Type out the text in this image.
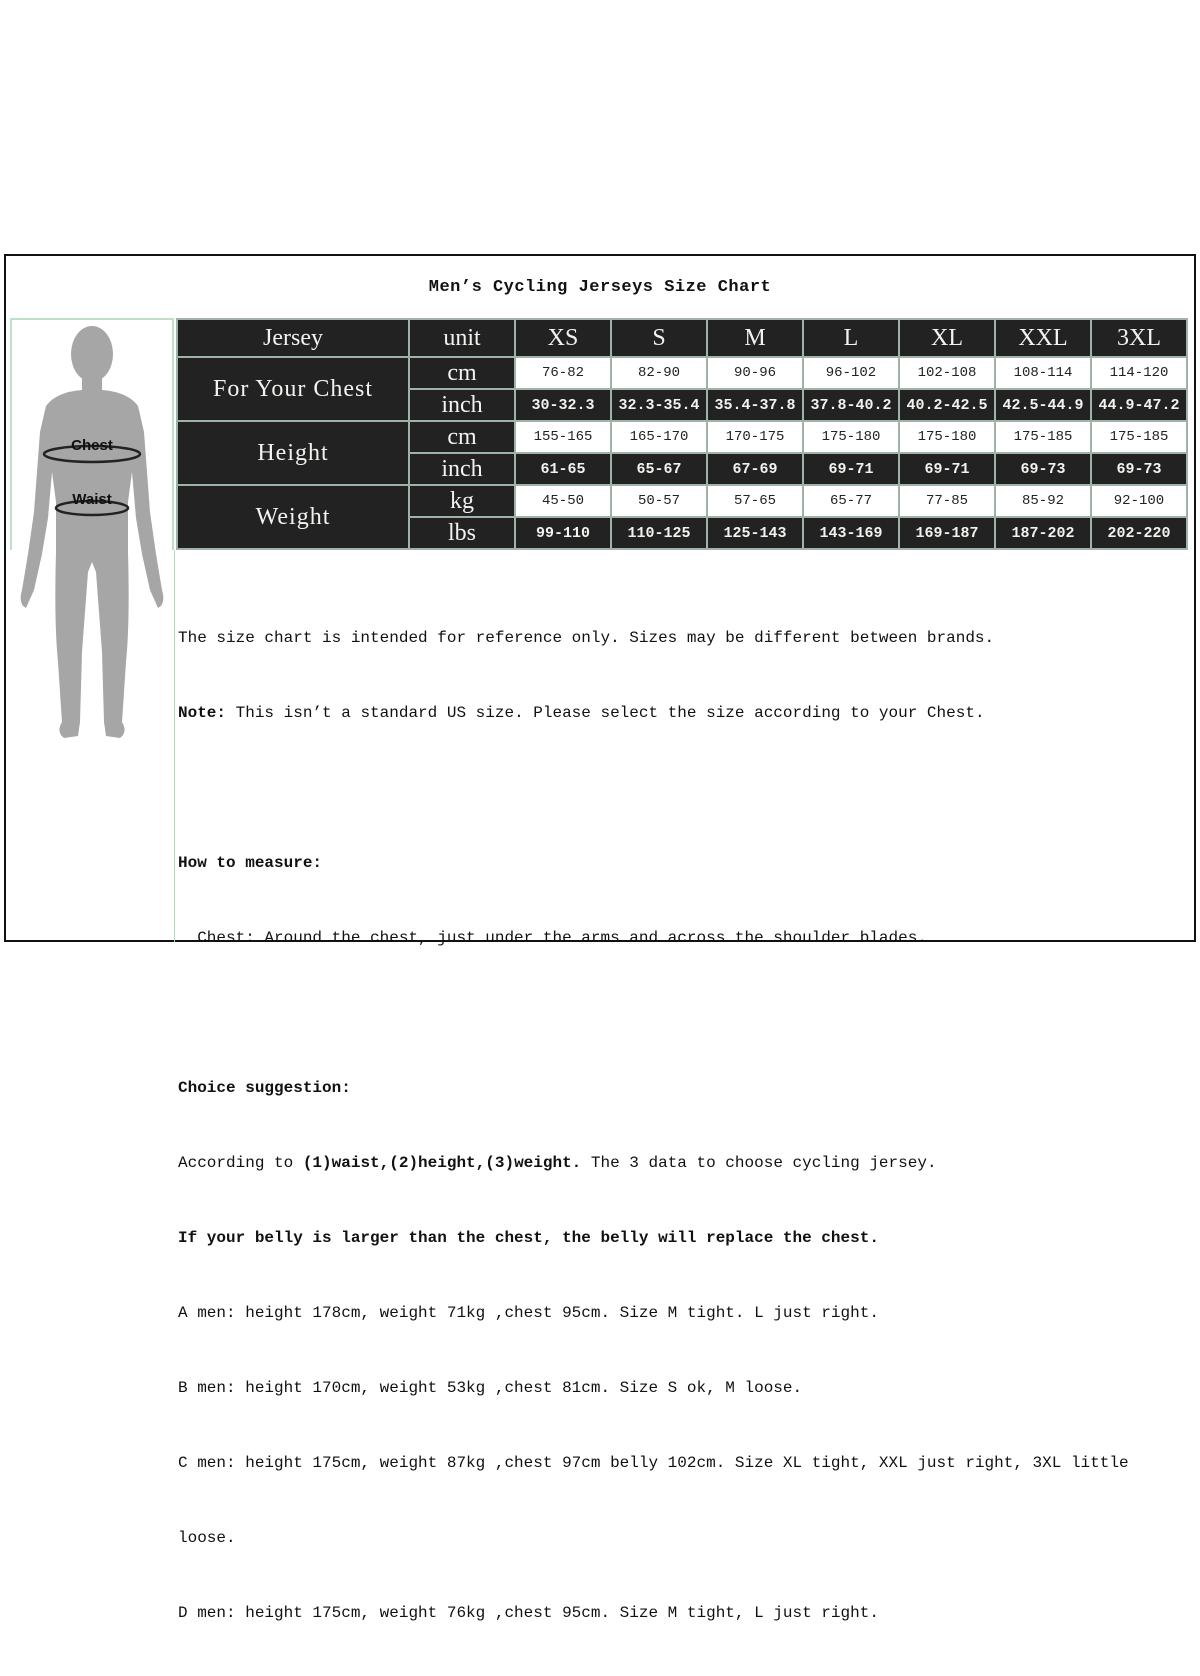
Men’s Cycling Jerseys Size Chart
Chest
Waist
Jersey	unit	XS	S	M	L	XL	XXL	3XL
For Your Chest	cm	76-82	82-90	90-96	96-102	102-108	108-114	114-120
	inch	30-32.3	32.3-35.4	35.4-37.8	37.8-40.2	40.2-42.5	42.5-44.9	44.9-47.2
Height	cm	155-165	165-170	170-175	175-180	175-180	175-185	175-185
	inch	61-65	65-67	67-69	69-71	69-71	69-73	69-73
Weight	kg	45-50	50-57	57-65	65-77	77-85	85-92	92-100
	lbs	99-110	110-125	125-143	143-169	169-187	187-202	202-220

The size chart is intended for reference only. Sizes may be different between brands.

Note: This isn’t a standard US size. Please select the size according to your Chest.

How to measure:

Chest: Around the chest, just under the arms and across the shoulder blades.

Choice suggestion:

According to (1)waist,(2)height,(3)weight. The 3 data to choose cycling jersey.

If your belly is larger than the chest, the belly will replace the chest.

A men: height 178cm, weight 71kg ,chest 95cm. Size M tight. L just right.

B men: height 170cm, weight 53kg ,chest 81cm. Size S ok, M loose.

C men: height 175cm, weight 87kg ,chest 97cm belly 102cm. Size XL tight, XXL just right, 3XL little

loose.

D men: height 175cm, weight 76kg ,chest 95cm. Size M tight, L just right.
